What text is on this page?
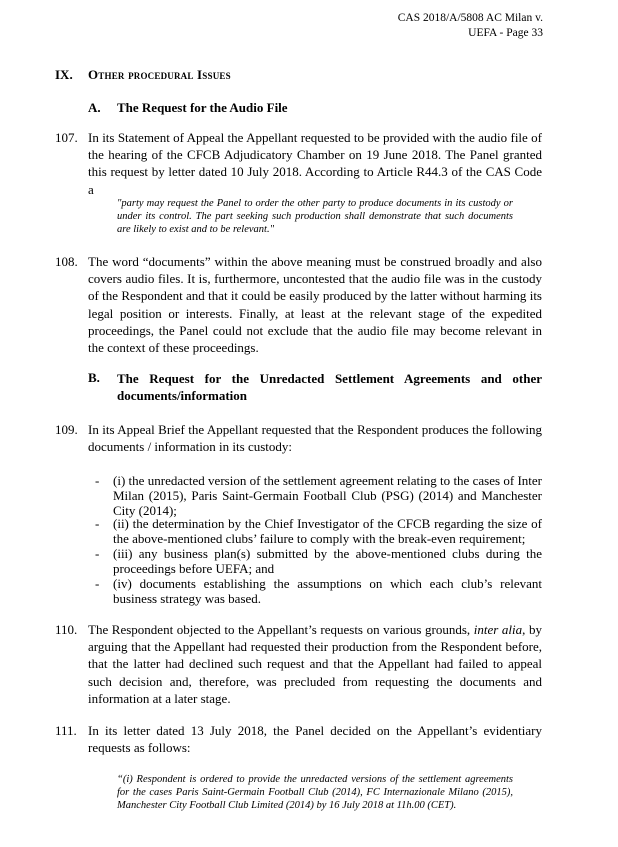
CAS 2018/A/5808 AC Milan v.
UEFA - Page 33
IX. Other procedural Issues
A. The Request for the Audio File
107. In its Statement of Appeal the Appellant requested to be provided with the audio file of the hearing of the CFCB Adjudicatory Chamber on 19 June 2018. The Panel granted this request by letter dated 10 July 2018. According to Article R44.3 of the CAS Code a
"party may request the Panel to order the other party to produce documents in its custody or under its control. The part seeking such production shall demonstrate that such documents are likely to exist and to be relevant."
108. The word “documents” within the above meaning must be construed broadly and also covers audio files. It is, furthermore, uncontested that the audio file was in the custody of the Respondent and that it could be easily produced by the latter without harming its legal position or interests. Finally, at least at the relevant stage of the expedited proceedings, the Panel could not exclude that the audio file may become relevant in the context of these proceedings.
B. The Request for the Unredacted Settlement Agreements and other
documents/information
109. In its Appeal Brief the Appellant requested that the Respondent produces the following documents / information in its custody:
- (i) the unredacted version of the settlement agreement relating to the cases of Inter Milan (2015), Paris Saint-Germain Football Club (PSG) (2014) and Manchester City (2014);
- (ii) the determination by the Chief Investigator of the CFCB regarding the size of the above-mentioned clubs’ failure to comply with the break-even requirement;
- (iii) any business plan(s) submitted by the above-mentioned clubs during the proceedings before UEFA; and
- (iv) documents establishing the assumptions on which each club’s relevant business strategy was based.
110. The Respondent objected to the Appellant’s requests on various grounds, inter alia, by arguing that the Appellant had requested their production from the Respondent before, that the latter had declined such request and that the Appellant had failed to appeal such decision and, therefore, was precluded from requesting the documents and information at a later stage.
111. In its letter dated 13 July 2018, the Panel decided on the Appellant’s evidentiary requests as follows:
“(i) Respondent is ordered to provide the unredacted versions of the settlement agreements for the cases Paris Saint-Germain Football Club (2014), FC Internazionale Milano (2015), Manchester City Football Club Limited (2014) by 16 July 2018 at 11h.00 (CET).
